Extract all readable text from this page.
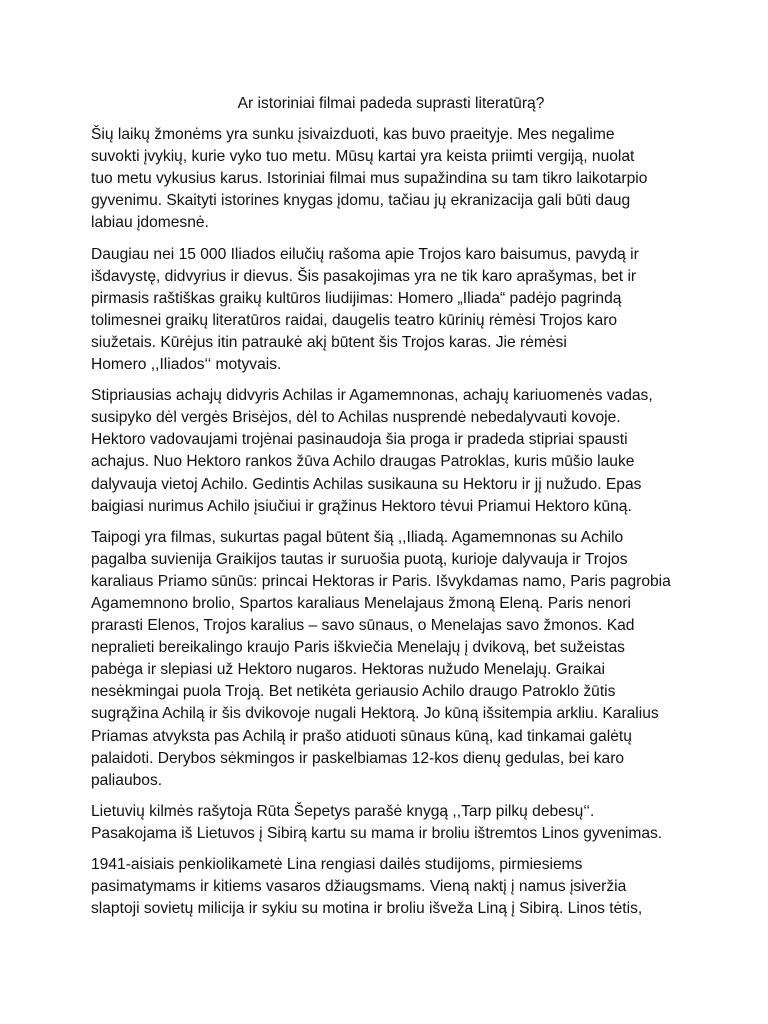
Ar istoriniai filmai padeda suprasti literatūrą?
Šių laikų žmonėms yra sunku įsivaizduoti, kas buvo praeityje. Mes negalime
suvokti įvykių, kurie vyko tuo metu. Mūsų kartai yra keista priimti vergiją, nuolat
tuo metu vykusius karus. Istoriniai filmai mus supažindina su tam tikro laikotarpio
gyvenimu. Skaityti istorines knygas įdomu, tačiau jų ekranizacija gali būti daug
labiau įdomesnė.
Daugiau nei 15 000 Iliados eilučių rašoma apie Trojos karo baisumus, pavydą ir
išdavystę, didvyrius ir dievus. Šis pasakojimas yra ne tik karo aprašymas, bet ir
pirmasis raštiškas graikų kultūros liudijimas: Homero „Iliada“ padėjo pagrindą
tolimesnei graikų literatūros raidai, daugelis teatro kūrinių rėmėsi Trojos karo
siužetais. Kūrėjus itin patraukė akį būtent šis Trojos karas. Jie rėmėsi
Homero ,,Iliados‘‘ motyvais.
Stipriausias achajų didvyris Achilas ir Agamemnonas, achajų kariuomenės vadas,
susipyko dėl vergės Brisėjos, dėl to Achilas nusprendė nebedalyvauti kovoje.
Hektoro vadovaujami trojėnai pasinaudoja šia proga ir pradeda stipriai spausti
achajus. Nuo Hektoro rankos žūva Achilo draugas Patroklas, kuris mūšio lauke
dalyvauja vietoj Achilo. Gedintis Achilas susikauna su Hektoru ir jį nužudo. Epas
baigiasi nurimus Achilo įsiučiui ir grąžinus Hektoro tėvui Priamui Hektoro kūną.
Taipogi yra filmas, sukurtas pagal būtent šią ,,Iliadą. Agamemnonas su Achilo
pagalba suvienija Graikijos tautas ir suruošia puotą, kurioje dalyvauja ir Trojos
karaliaus Priamo sūnūs: princai Hektoras ir Paris. Išvykdamas namo, Paris pagrobia
Agamemnono brolio, Spartos karaliaus Menelajaus žmoną Eleną. Paris nenori
prarasti Elenos, Trojos karalius – savo sūnaus, o Menelajas savo žmonos. Kad
nepralieti bereikalingo kraujo Paris iškviečia Menelajų į dvikovą, bet sužeistas
pabėga ir slepiasi už Hektoro nugaros. Hektoras nužudo Menelajų. Graikai
nesėkmingai puola Troją. Bet netikėta geriausio Achilo draugo Patroklo žūtis
sugrąžina Achilą ir šis dvikovoje nugali Hektorą. Jo kūną išsitempia arkliu. Karalius
Priamas atvyksta pas Achilą ir prašo atiduoti sūnaus kūną, kad tinkamai galėtų
palaidoti. Derybos sėkmingos ir paskelbiamas 12-kos dienų gedulas, bei karo
paliaubos.
Lietuvių kilmės rašytoja Rūta Šepetys parašė knygą ,,Tarp pilkų debesų‘‘.
Pasakojama iš Lietuvos į Sibirą kartu su mama ir broliu ištremtos Linos gyvenimas.
1941-aisiais penkiolikametė Lina rengiasi dailės studijoms, pirmiesiems
pasimatymams ir kitiems vasaros džiaugsmams. Vieną naktį į namus įsiveržia
slaptoji sovietų milicija ir sykiu su motina ir broliu išveža Liną į Sibirą. Linos tėtis,
